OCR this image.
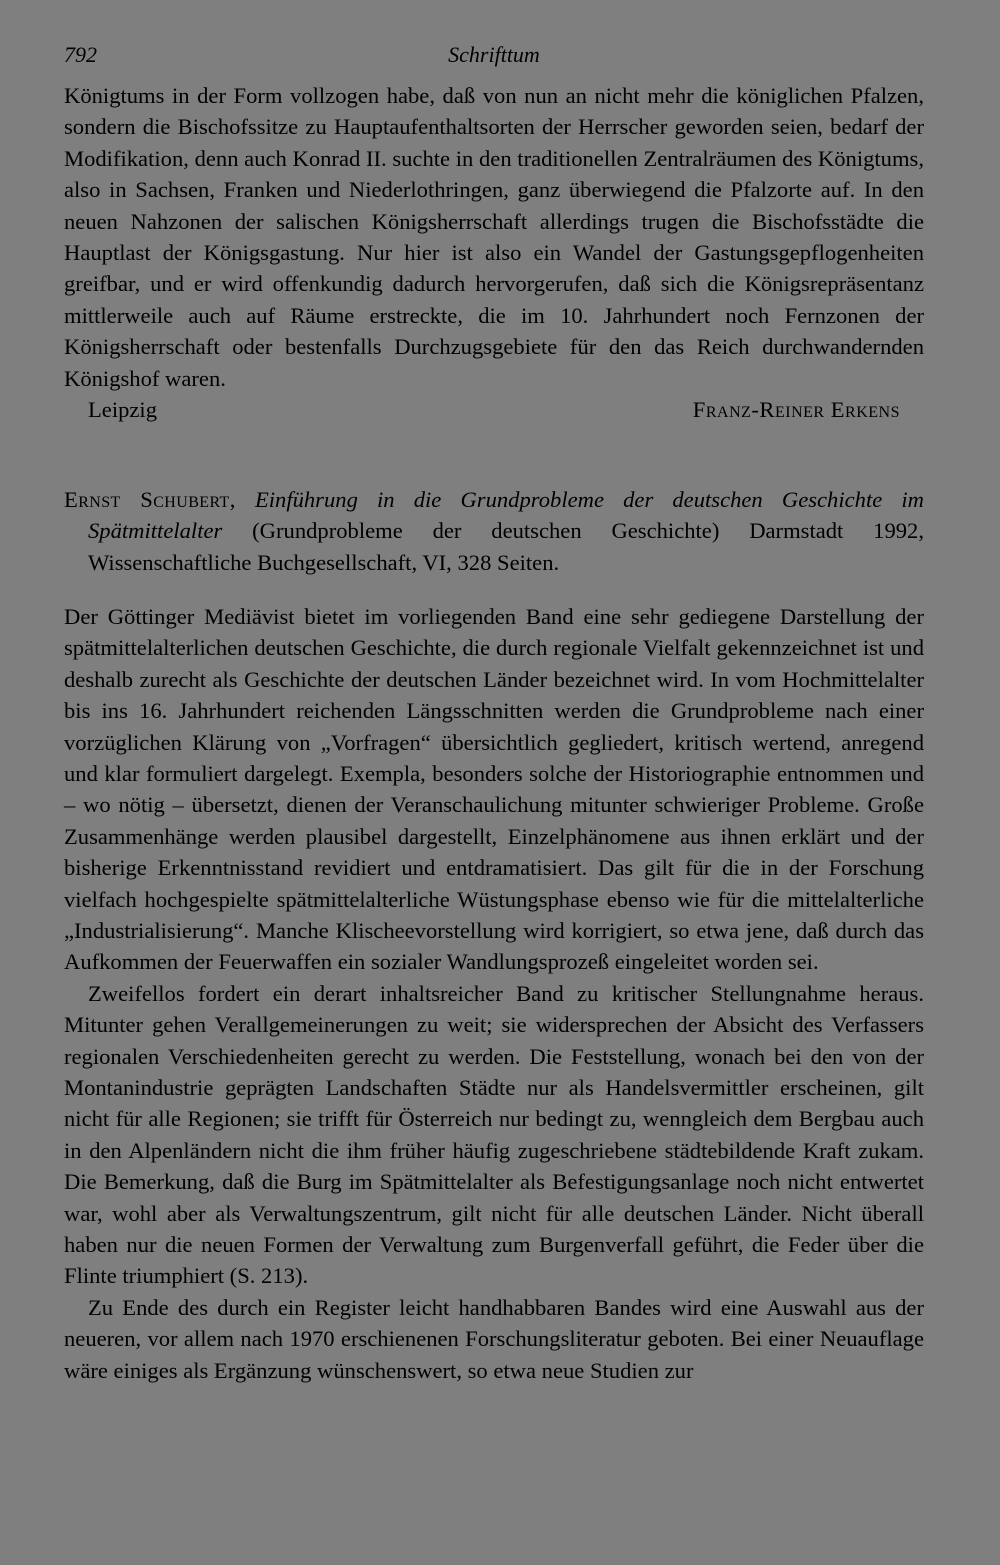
792	Schrifttum

Königtums in der Form vollzogen habe, daß von nun an nicht mehr die königlichen Pfalzen, sondern die Bischofssitze zu Hauptaufenthaltsorten der Herrscher geworden seien, bedarf der Modifikation, denn auch Konrad II. suchte in den traditionellen Zentralräumen des Königtums, also in Sachsen, Franken und Niederlothringen, ganz überwiegend die Pfalzorte auf. In den neuen Nahzonen der salischen Königsherrschaft allerdings trugen die Bischofsstädte die Hauptlast der Königsgastung. Nur hier ist also ein Wandel der Gastungsgepflogenheiten greifbar, und er wird offenkundig dadurch hervorgerufen, daß sich die Königsrepräsentanz mittlerweile auch auf Räume erstreckte, die im 10. Jahrhundert noch Fernzonen der Königsherrschaft oder bestenfalls Durchzugsgebiete für den das Reich durchwandernden Königshof waren.

Leipzig	Franz-Reiner Erkens

Ernst Schubert, Einführung in die Grundprobleme der deutschen Geschichte im Spätmittelalter (Grundprobleme der deutschen Geschichte) Darmstadt 1992, Wissenschaftliche Buchgesellschaft, VI, 328 Seiten.

Der Göttinger Mediävist bietet im vorliegenden Band eine sehr gediegene Darstellung der spätmittelalterlichen deutschen Geschichte, die durch regionale Vielfalt gekennzeichnet ist und deshalb zurecht als Geschichte der deutschen Länder bezeichnet wird. In vom Hochmittelalter bis ins 16. Jahrhundert reichenden Längsschnitten werden die Grundprobleme nach einer vorzüglichen Klärung von „Vorfragen“ übersichtlich gegliedert, kritisch wertend, anregend und klar formuliert dargelegt. Exempla, besonders solche der Historiographie entnommen und – wo nötig – übersetzt, dienen der Veranschaulichung mitunter schwieriger Probleme. Große Zusammenhänge werden plausibel dargestellt, Einzelphänomene aus ihnen erklärt und der bisherige Erkenntnisstand revidiert und entdramatisiert. Das gilt für die in der Forschung vielfach hochgespielte spätmittelalterliche Wüstungsphase ebenso wie für die mittelalterliche „Industrialisierung“. Manche Klischeevorstellung wird korrigiert, so etwa jene, daß durch das Aufkommen der Feuerwaffen ein sozialer Wandlungsprozeß eingeleitet worden sei.

Zweifellos fordert ein derart inhaltsreicher Band zu kritischer Stellungnahme heraus. Mitunter gehen Verallgemeinerungen zu weit; sie widersprechen der Absicht des Verfassers regionalen Verschiedenheiten gerecht zu werden. Die Feststellung, wonach bei den von der Montanindustrie geprägten Landschaften Städte nur als Handelsvermittler erscheinen, gilt nicht für alle Regionen; sie trifft für Österreich nur bedingt zu, wenngleich dem Bergbau auch in den Alpenländern nicht die ihm früher häufig zugeschriebene städtebildende Kraft zukam. Die Bemerkung, daß die Burg im Spätmittelalter als Befestigungsanlage noch nicht entwertet war, wohl aber als Verwaltungszentrum, gilt nicht für alle deutschen Länder. Nicht überall haben nur die neuen Formen der Verwaltung zum Burgenverfall geführt, die Feder über die Flinte triumphiert (S. 213).

Zu Ende des durch ein Register leicht handhabbaren Bandes wird eine Auswahl aus der neueren, vor allem nach 1970 erschienenen Forschungsliteratur geboten. Bei einer Neuauflage wäre einiges als Ergänzung wünschenswert, so etwa neue Studien zur
